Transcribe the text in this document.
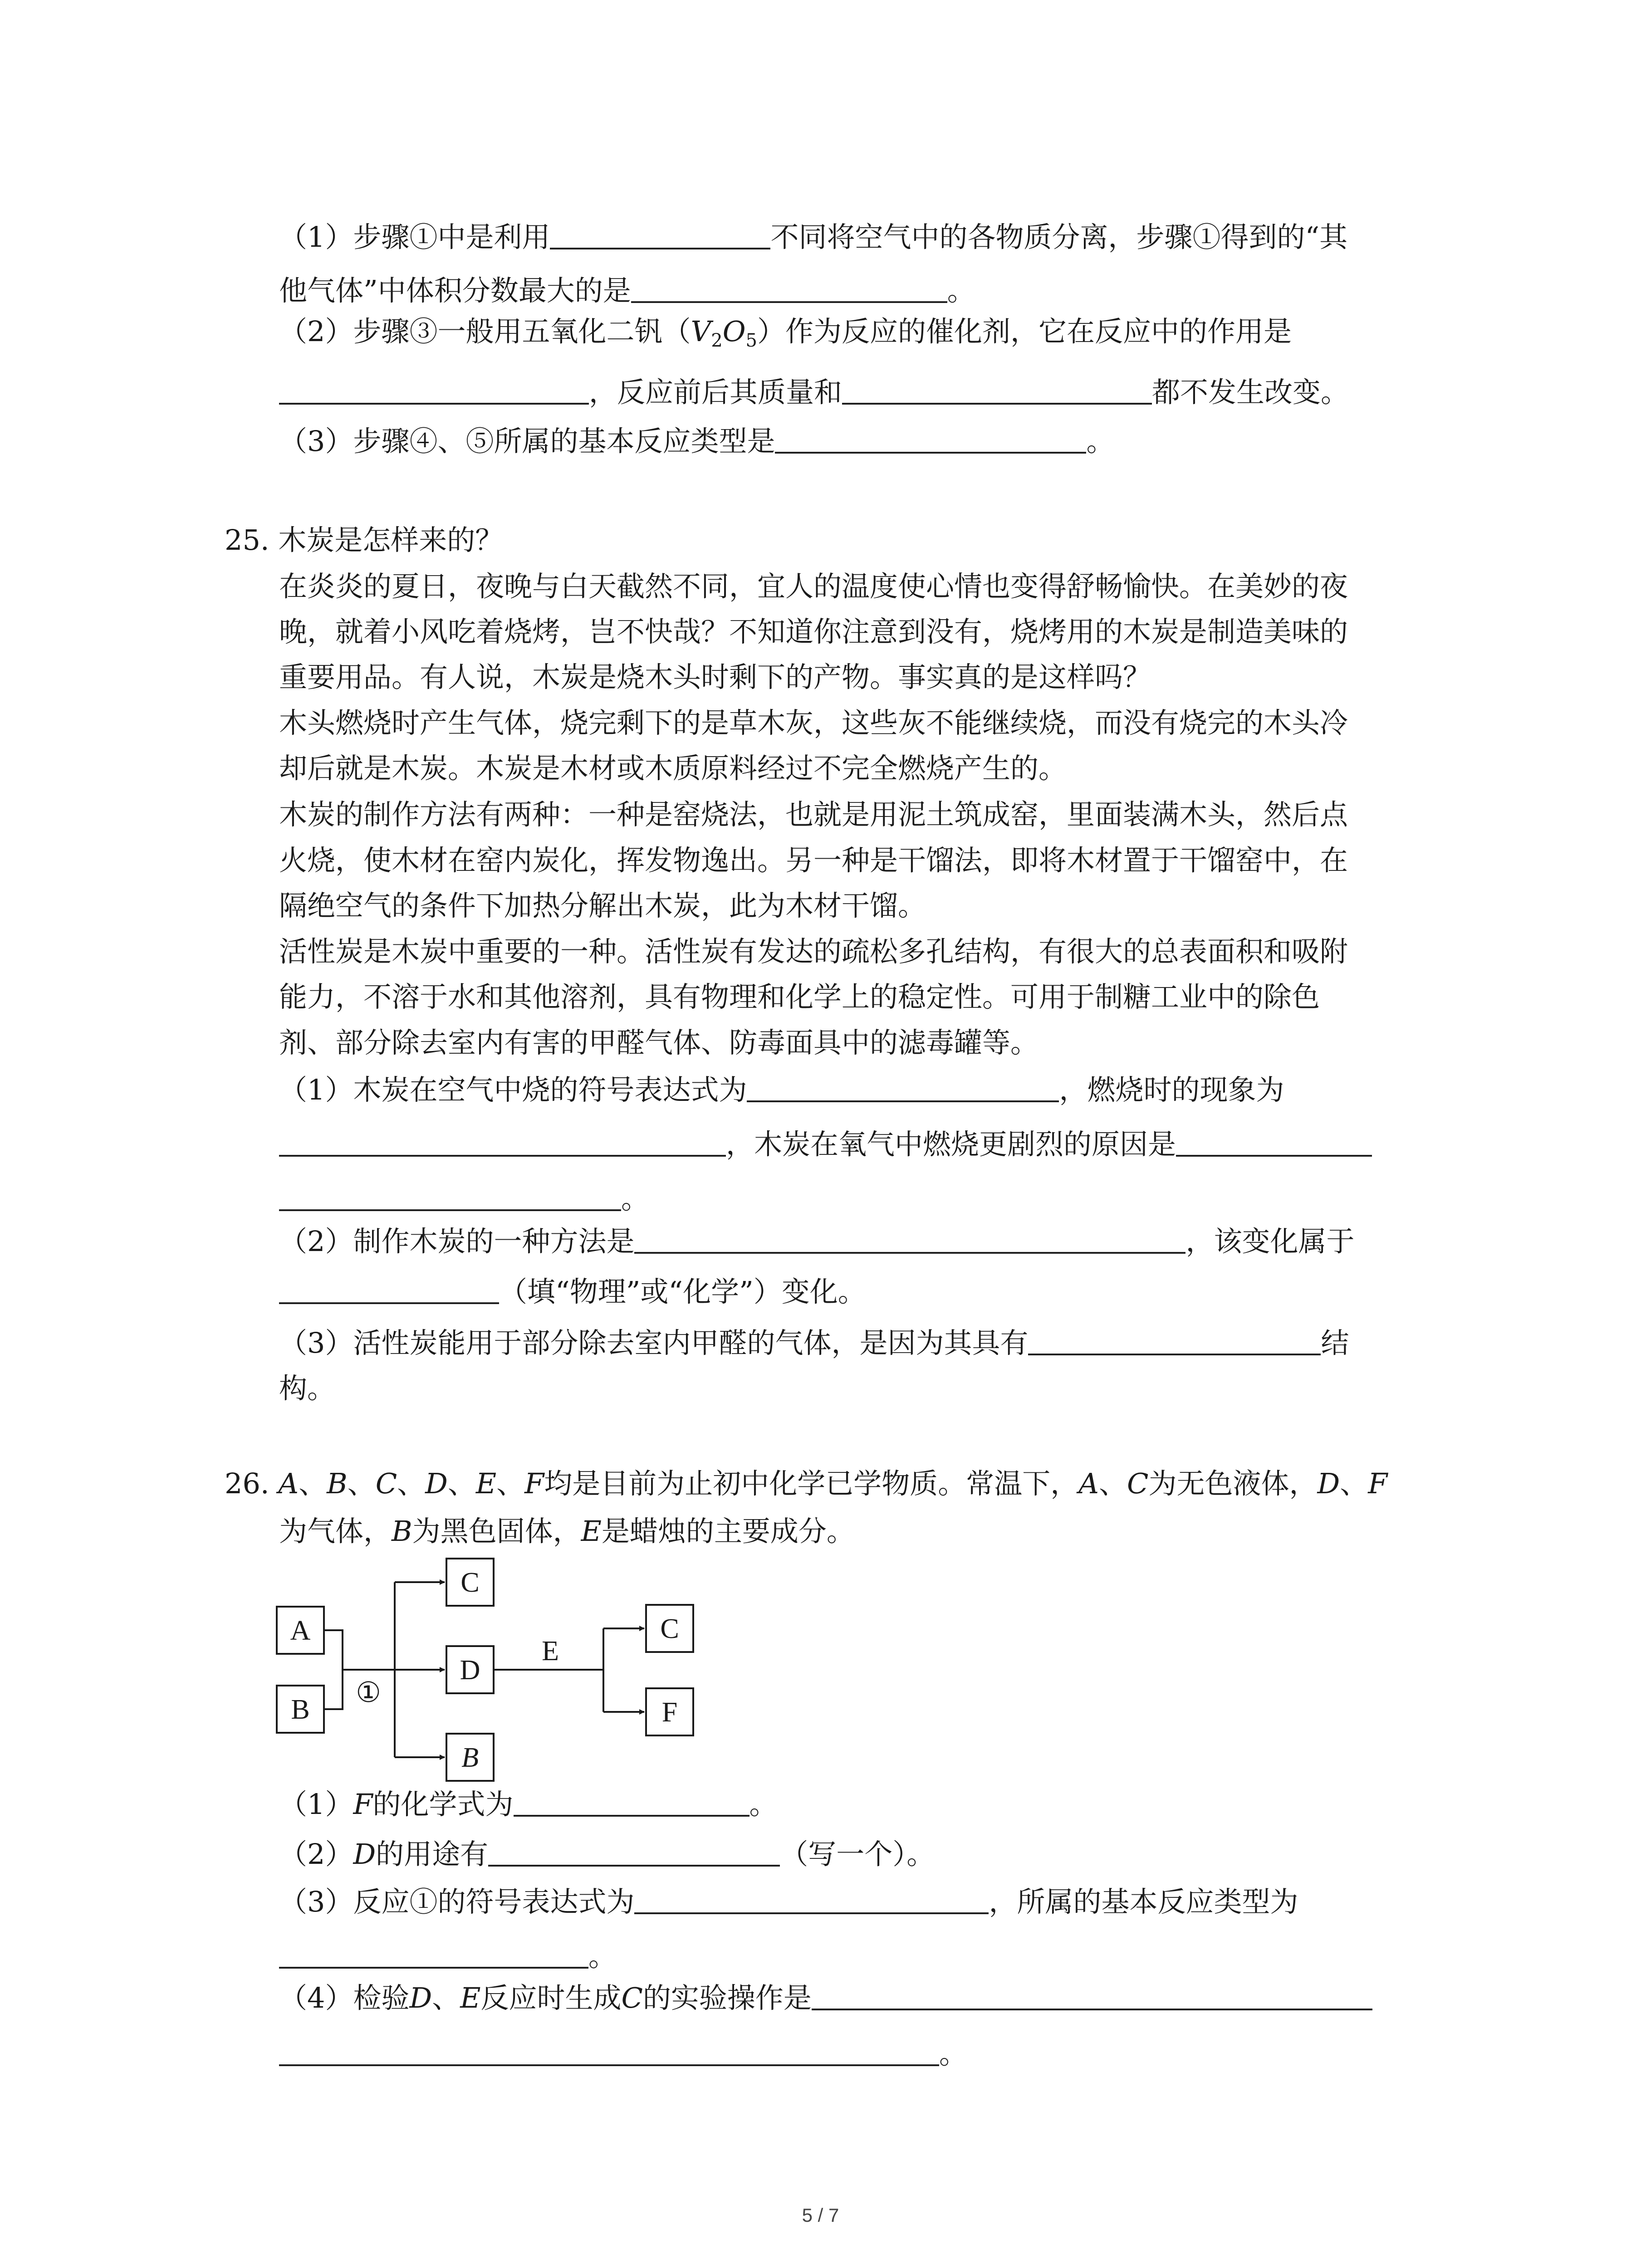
（1）步骤①中是利用	不同将空气中的各物质分离，步骤①得到的“其
他气体”中体积分数最大的是	。
（2）步骤③一般用五氧化二钒$(V_2O_5)$作为反应的催化剂，它在反应中的作用是
，反应前后其质量和	都不发生改变。
（3）步骤④、⑤所属的基本反应类型是	。
25. 木炭是怎样来的？
在炎炎的夏日，夜晚与白天截然不同，宜人的温度使心情也变得舒畅愉快。在美妙的夜
晚，就着小风吃着烧烤，岂不快哉？不知道你注意到没有，烧烤用的木炭是制造美味的
重要用品。有人说，木炭是烧木头时剩下的产物。事实真的是这样吗？
木头燃烧时产生气体，烧完剩下的是草木灰，这些灰不能继续烧，而没有烧完的木头冷
却后就是木炭。木炭是木材或木质原料经过不完全燃烧产生的。
木炭的制作方法有两种：一种是窑烧法，也就是用泥土筑成窑，里面装满木头，然后点
火烧，使木材在窑内炭化，挥发物逸出。另一种是干馏法，即将木材置于干馏窑中，在
隔绝空气的条件下加热分解出木炭，此为木材干馏。
活性炭是木炭中重要的一种。活性炭有发达的疏松多孔结构，有很大的总表面积和吸附
能力，不溶于水和其他溶剂，具有物理和化学上的稳定性。可用于制糖工业中的除色
剂、部分除去室内有害的甲醛气体、防毒面具中的滤毒罐等。
（1）木炭在空气中烧的符号表达式为	，燃烧时的现象为
，木炭在氧气中燃烧更剧烈的原因是
。
（2）制作木炭的一种方法是	，该变化属于
（填“物理”或“化学”）变化。
（3）活性炭能用于部分除去室内甲醛的气体，是因为其具有	结
构。
26. A、B、C、D、E、F均是目前为止初中化学已学物质。常温下，A、C为无色液体，D、F
为气体，B为黑色固体，E是蜡烛的主要成分。
A
B
①
C
D
B
E
C
F
（1）F的化学式为	。
（2）D的用途有	（写一个）。
（3）反应①的符号表达式为	，所属的基本反应类型为
。
（4）检验D、E反应时生成C的实验操作是
。
5 / 7
